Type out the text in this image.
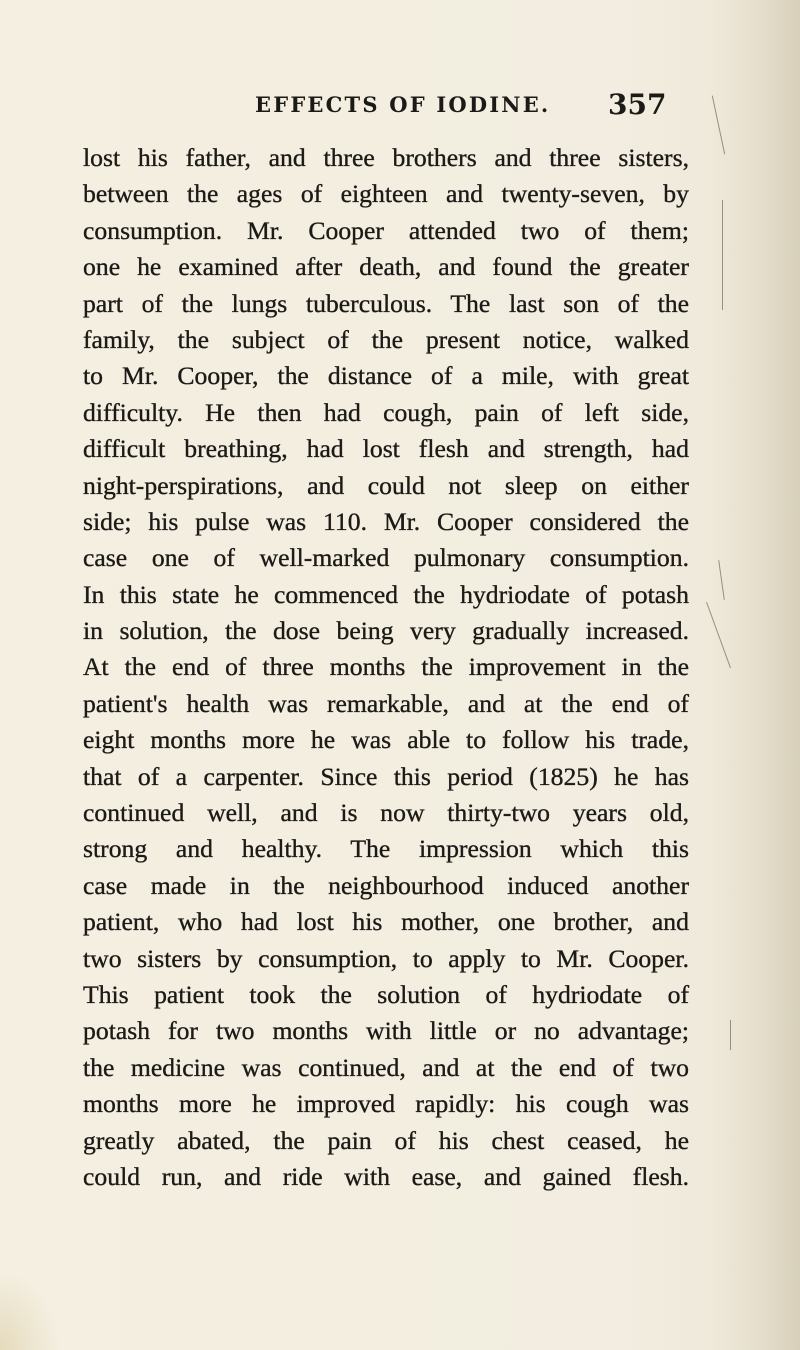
EFFECTS OF IODINE. 357
lost his father, and three brothers and three sisters,
between the ages of eighteen and twenty-seven, by
consumption. Mr. Cooper attended two of them;
one he examined after death, and found the greater
part of the lungs tuberculous. The last son of the
family, the subject of the present notice, walked
to Mr. Cooper, the distance of a mile, with great
difficulty. He then had cough, pain of left side,
difficult breathing, had lost flesh and strength, had
night-perspirations, and could not sleep on either
side; his pulse was 110. Mr. Cooper considered the
case one of well-marked pulmonary consumption.
In this state he commenced the hydriodate of potash
in solution, the dose being very gradually increased.
At the end of three months the improvement in the
patient's health was remarkable, and at the end of
eight months more he was able to follow his trade,
that of a carpenter. Since this period (1825) he has
continued well, and is now thirty-two years old,
strong and healthy. The impression which this
case made in the neighbourhood induced another
patient, who had lost his mother, one brother, and
two sisters by consumption, to apply to Mr. Cooper.
This patient took the solution of hydriodate of
potash for two months with little or no advantage;
the medicine was continued, and at the end of two
months more he improved rapidly: his cough was
greatly abated, the pain of his chest ceased, he
could run, and ride with ease, and gained flesh.
